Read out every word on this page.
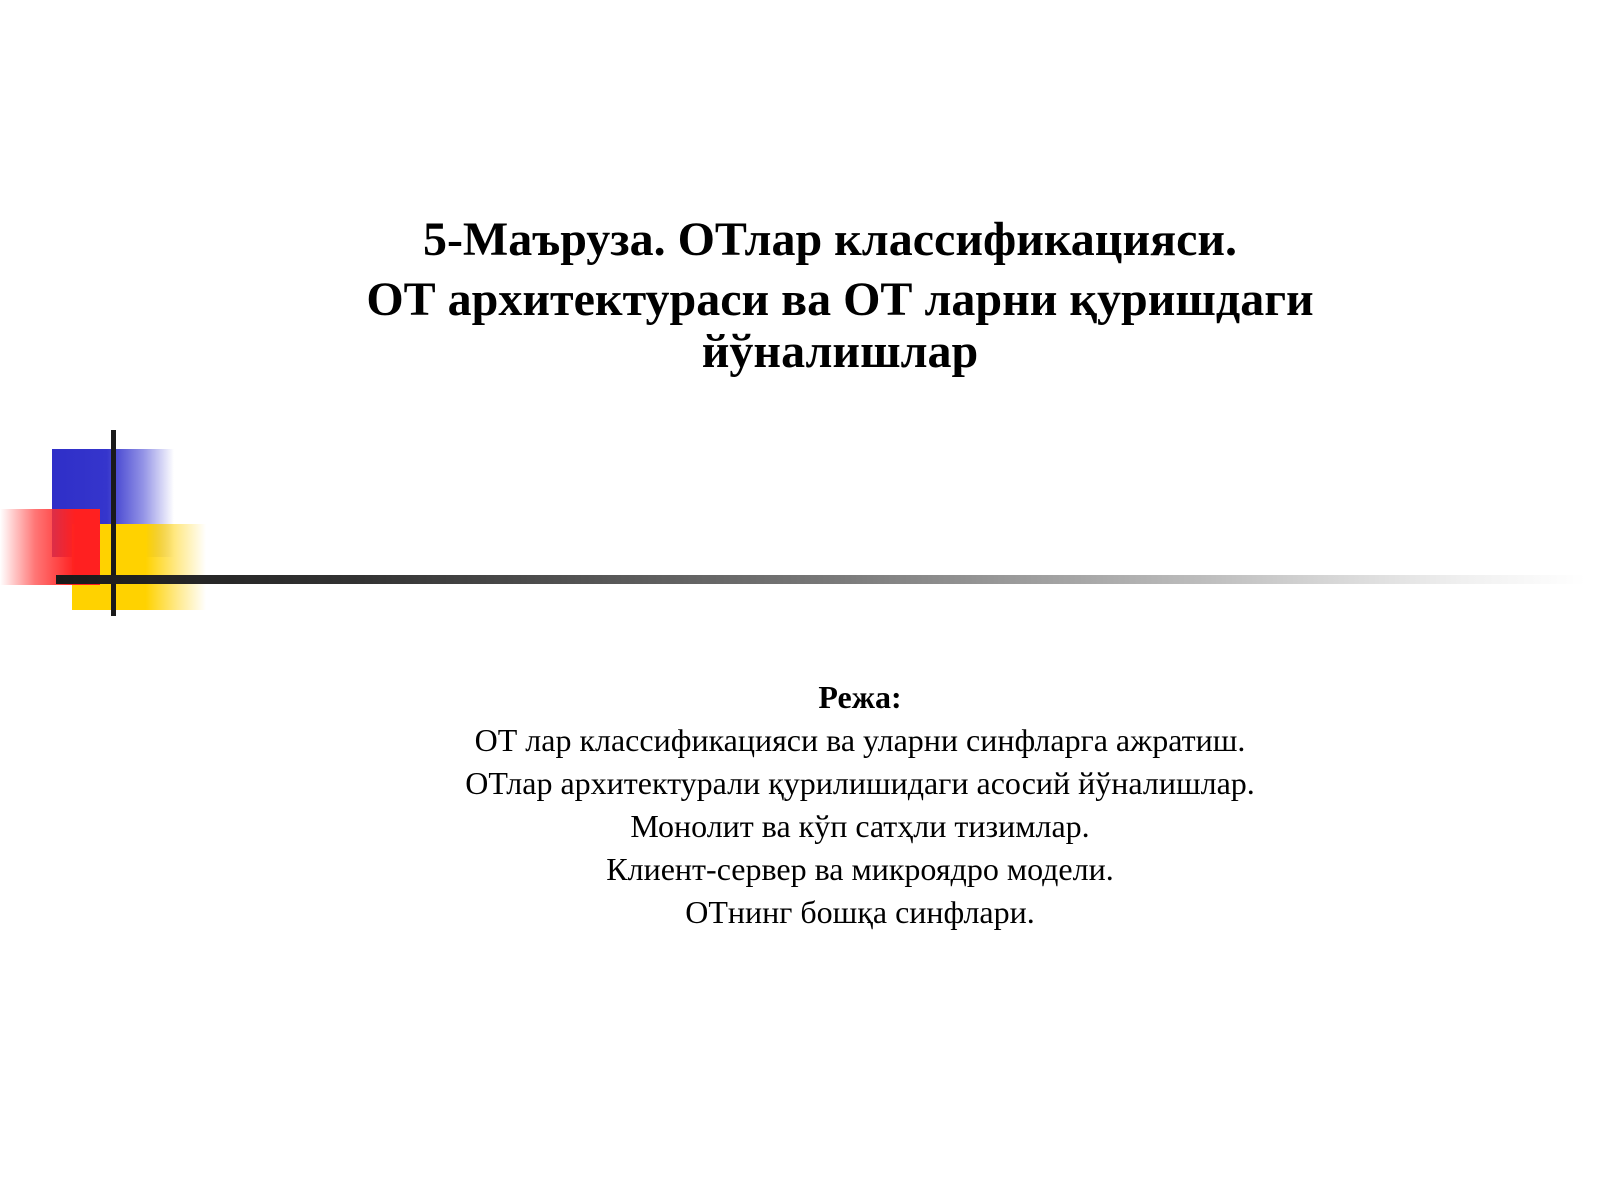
5-Маъруза. ОТлар классификацияси.
ОТ архитектураси ва ОТ ларни қуришдаги йўналишлар
Режа:
ОТ лар классификацияси ва уларни синфларга ажратиш.
ОТлар архитектурали қурилишидаги асосий йўналишлар.
Монолит ва кўп сатҳли тизимлар.
Клиент-сервер ва микроядро модели.
ОТнинг бошқа синфлари.
